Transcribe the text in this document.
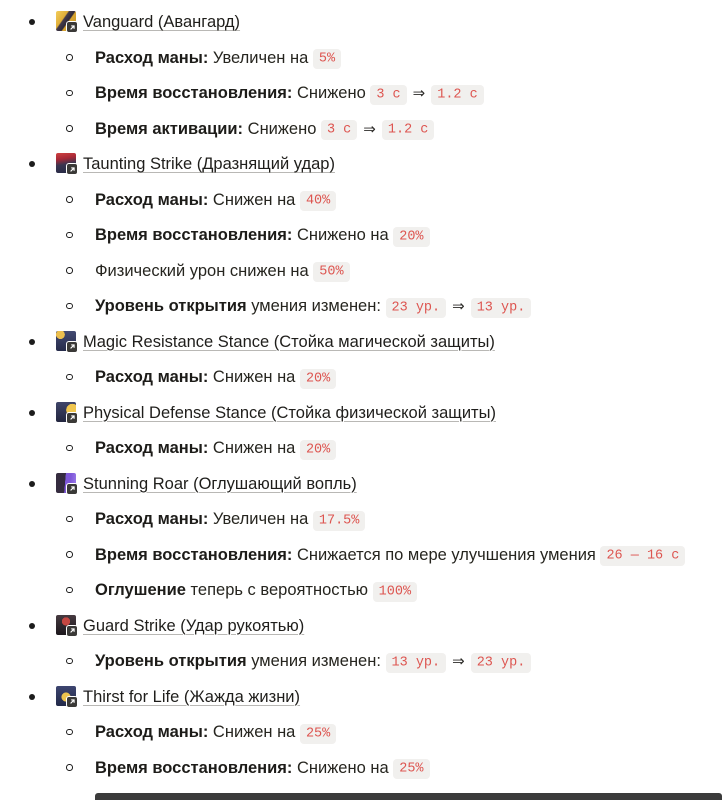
Vanguard (Авангард)
Расход маны: Увеличен на 5%
Время восстановления: Снижено 3 с ⇒ 1.2 с
Время активации: Снижено 3 с ⇒ 1.2 с
Taunting Strike (Дразнящий удар)
Расход маны: Снижен на 40%
Время восстановления: Снижено на 20%
Физический урон снижен на 50%
Уровень открытия умения изменен: 23 ур. ⇒ 13 ур.
Magic Resistance Stance (Стойка магической защиты)
Расход маны: Снижен на 20%
Physical Defense Stance (Стойка физической защиты)
Расход маны: Снижен на 20%
Stunning Roar (Оглушающий вопль)
Расход маны: Увеличен на 17.5%
Время восстановления: Снижается по мере улучшения умения 26 — 16 с
Оглушение теперь с вероятностью 100%
Guard Strike (Удар рукоятью)
Уровень открытия умения изменен: 13 ур. ⇒ 23 ур.
Thirst for Life (Жажда жизни)
Расход маны: Снижен на 25%
Время восстановления: Снижено на 25%
